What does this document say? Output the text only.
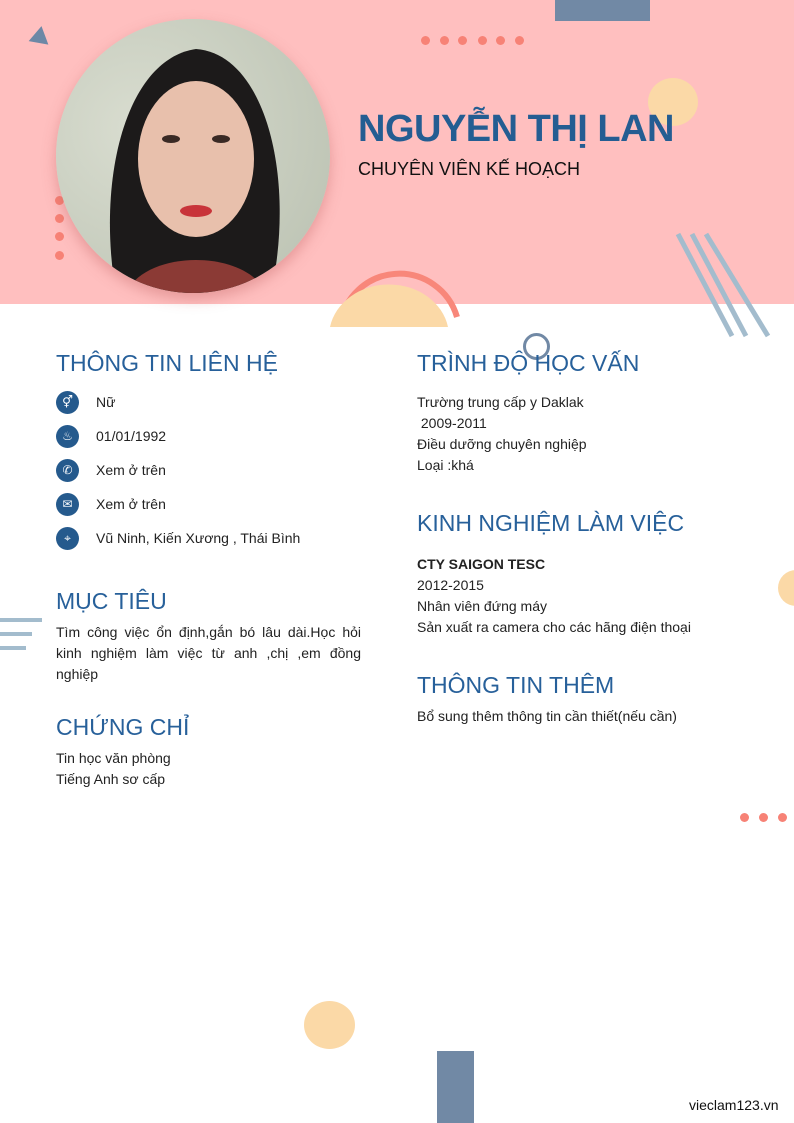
NGUYỄN THỊ LAN
CHUYÊN VIÊN KẾ HOẠCH
THÔNG TIN LIÊN HỆ
⚥	Nữ
♨	01/01/1992
✆	Xem ở trên
✉	Xem ở trên
⌖	Vũ Ninh, Kiến Xương , Thái Bình
MỤC TIÊU

Tìm công việc ổn định,gắn bó lâu dài.Học hỏi kinh nghiệm làm việc từ anh ,chị ,em đồng nghiệp

CHỨNG CHỈ
Tin học văn phòng
Tiếng Anh sơ cấp
TRÌNH ĐỘ HỌC VẤN
Trường trung cấp y Daklak
2009-2011
Điều dưỡng chuyên nghiệp
Loại :khá
KINH NGHIỆM LÀM VIỆC
CTY SAIGON TESC
2012-2015
Nhân viên đứng máy
Sản xuất ra camera cho các hãng điện thoại
THÔNG TIN THÊM

Bổ sung thêm thông tin cần thiết(nếu cần)

vieclam123.vn
